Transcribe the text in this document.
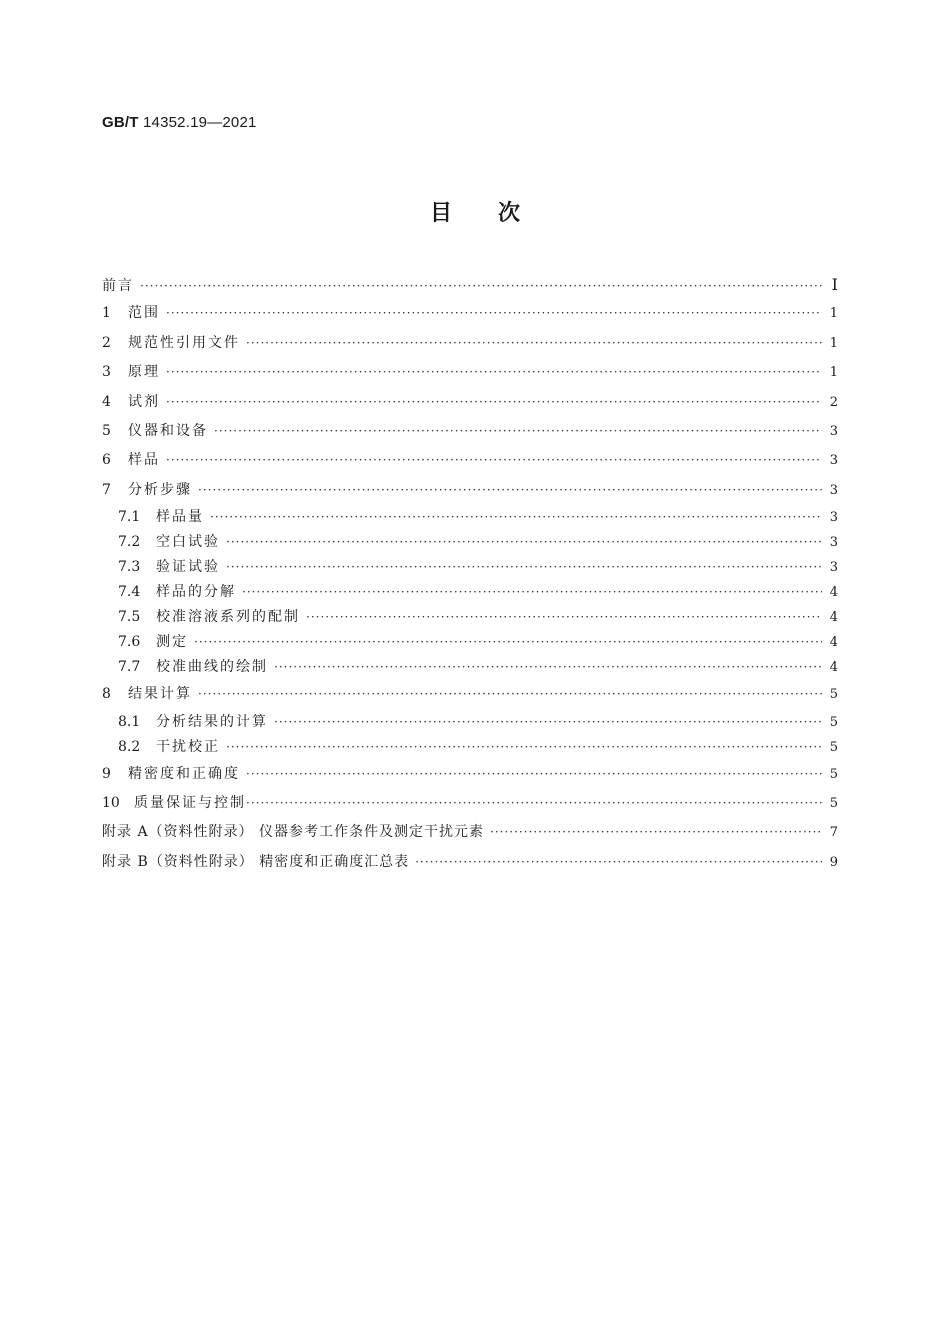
GB/T 14352.19—2021
目次
前言 ·····	I
1	范围 ·····	1
2	规范性引用文件 ·····	1
3	原理 ·····	1
4	试剂 ·····	2
5	仪器和设备 ·····	3
6	样品 ·····	3
7	分析步骤 ·····	3
7.1	样品量 ·····	3
7.2	空白试验 ·····	3
7.3	验证试验 ·····	3
7.4	样品的分解 ·····	4
7.5	校准溶液系列的配制 ·····	4
7.6	测定 ·····	4
7.7	校准曲线的绘制 ·····	4
8	结果计算 ·····	5
8.1	分析结果的计算 ·····	5
8.2	干扰校正 ·····	5
9	精密度和正确度 ·····	5
10	质量保证与控制 ·····	5
附录 A（资料性附录） 仪器参考工作条件及测定干扰元素 ·····	7
附录 B（资料性附录） 精密度和正确度汇总表 ·····	9
